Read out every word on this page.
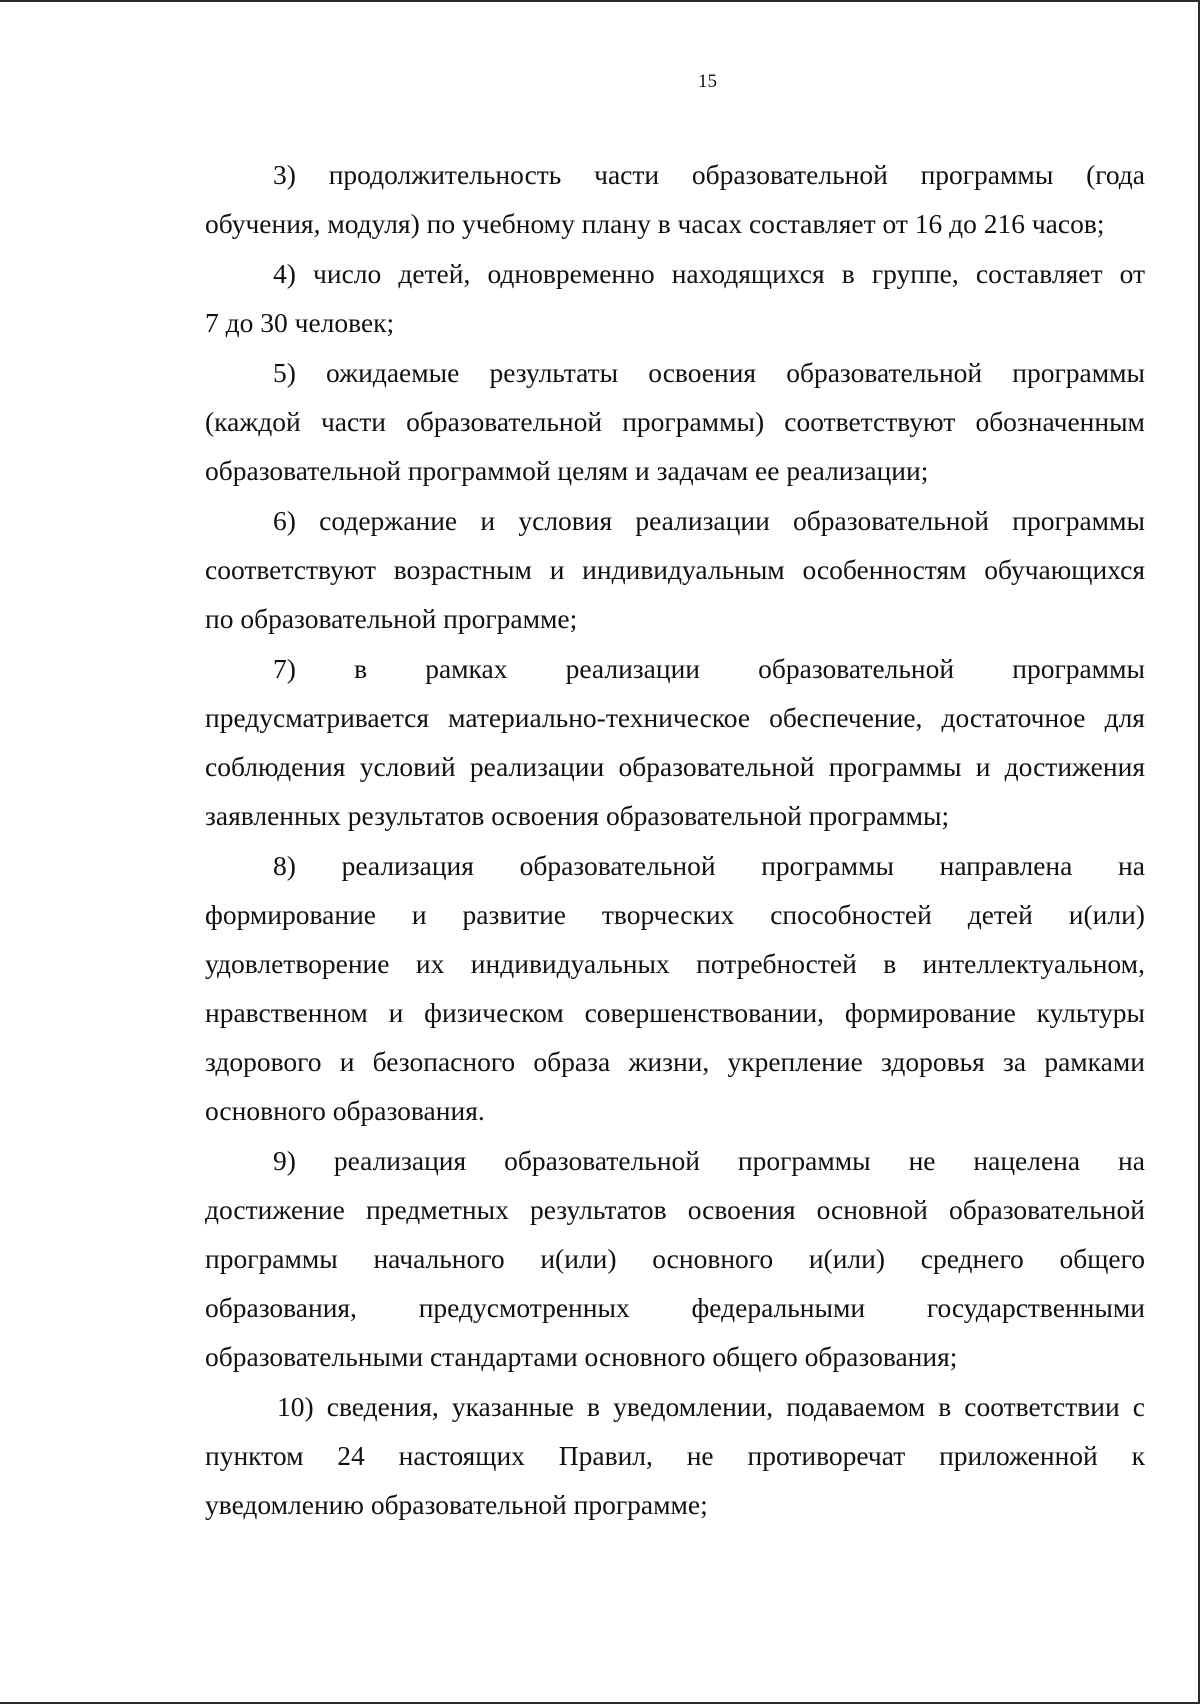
15
3) продолжительность части образовательной программы (года
обучения, модуля) по учебному плану в часах составляет от 16 до 216 часов;
4) число детей, одновременно находящихся в группе, составляет от
7 до 30 человек;
5) ожидаемые результаты освоения образовательной программы
(каждой части образовательной программы) соответствуют обозначенным
образовательной программой целям и задачам ее реализации;
6) содержание и условия реализации образовательной программы
соответствуют возрастным и индивидуальным особенностям обучающихся
по образовательной программе;
7) в рамках реализации образовательной программы
предусматривается материально-техническое обеспечение, достаточное для
соблюдения условий реализации образовательной программы и достижения
заявленных результатов освоения образовательной программы;
8) реализация образовательной программы направлена на
формирование и развитие творческих способностей детей и(или)
удовлетворение их индивидуальных потребностей в интеллектуальном,
нравственном и физическом совершенствовании, формирование культуры
здорового и безопасного образа жизни, укрепление здоровья за рамками
основного образования.
9) реализация образовательной программы не нацелена на
достижение предметных результатов освоения основной образовательной
программы начального и(или) основного и(или) среднего общего
образования, предусмотренных федеральными государственными
образовательными стандартами основного общего образования;
10) сведения, указанные в уведомлении, подаваемом в соответствии с
пунктом 24 настоящих Правил, не противоречат приложенной к
уведомлению образовательной программе;
